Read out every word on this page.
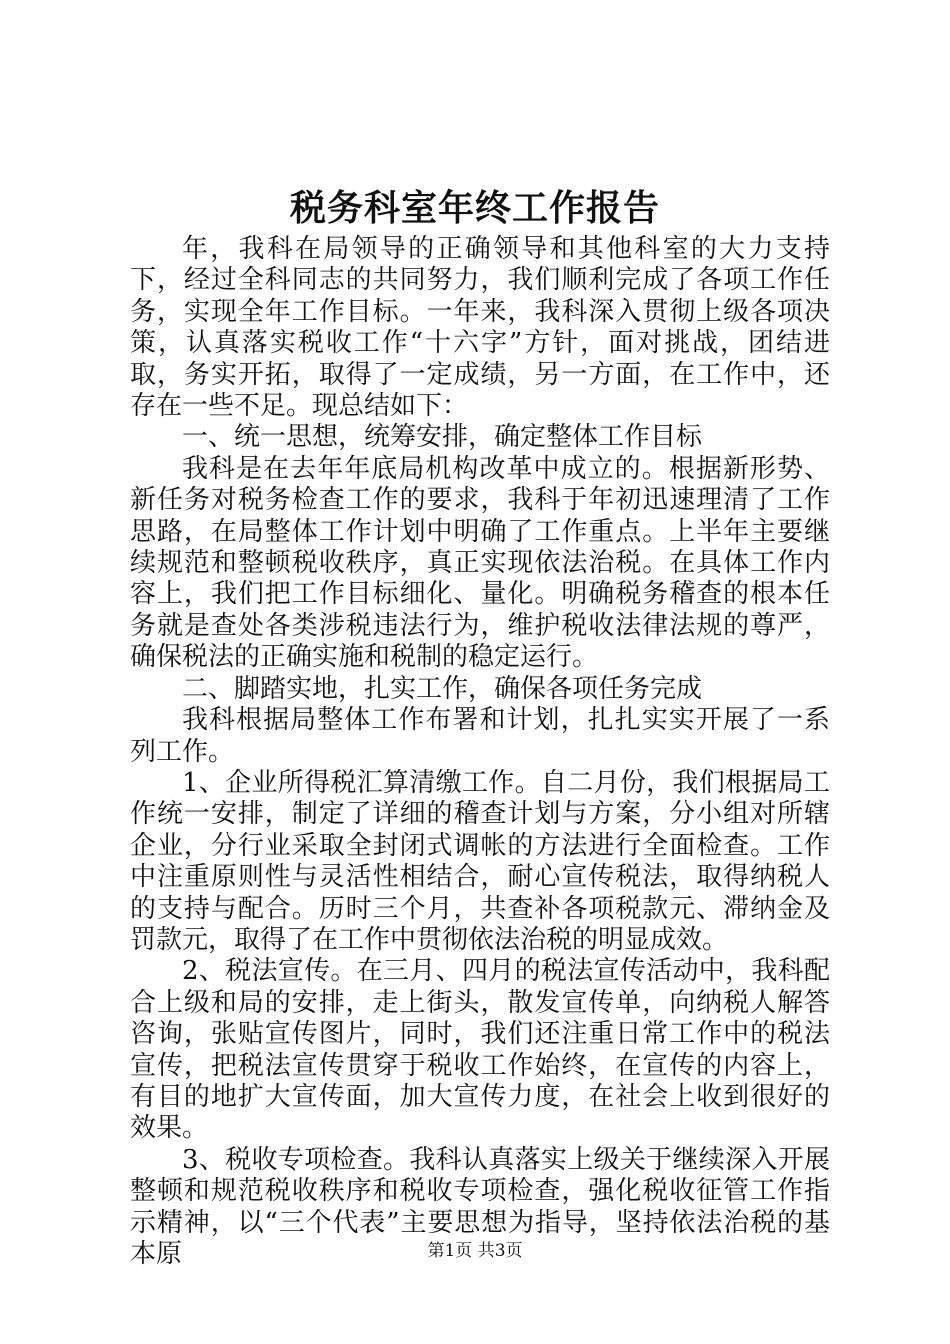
税务科室年终工作报告

年，我科在局领导的正确领导和其他科室的大力支持下，经过全科同志的共同努力，我们顺利完成了各项工作任务，实现全年工作目标。一年来，我科深入贯彻上级各项决策，认真落实税收工作“十六字”方针，面对挑战，团结进取，务实开拓，取得了一定成绩，另一方面，在工作中，还存在一些不足。现总结如下：

一、统一思想，统筹安排，确定整体工作目标

我科是在去年年底局机构改革中成立的。根据新形势、新任务对税务检查工作的要求，我科于年初迅速理清了工作思路，在局整体工作计划中明确了工作重点。上半年主要继续规范和整顿税收秩序，真正实现依法治税。在具体工作内容上，我们把工作目标细化、量化。明确税务稽查的根本任务就是查处各类涉税违法行为，维护税收法律法规的尊严，确保税法的正确实施和税制的稳定运行。

二、脚踏实地，扎实工作，确保各项任务完成

我科根据局整体工作布署和计划，扎扎实实开展了一系列工作。

1、企业所得税汇算清缴工作。自二月份，我们根据局工作统一安排，制定了详细的稽查计划与方案，分小组对所辖企业，分行业采取全封闭式调帐的方法进行全面检查。工作中注重原则性与灵活性相结合，耐心宣传税法，取得纳税人的支持与配合。历时三个月，共查补各项税款元、滞纳金及罚款元，取得了在工作中贯彻依法治税的明显成效。

2、税法宣传。在三月、四月的税法宣传活动中，我科配合上级和局的安排，走上街头，散发宣传单，向纳税人解答咨询，张贴宣传图片，同时，我们还注重日常工作中的税法宣传，把税法宣传贯穿于税收工作始终，在宣传的内容上，有目的地扩大宣传面，加大宣传力度，在社会上收到很好的效果。

3、税收专项检查。我科认真落实上级关于继续深入开展整顿和规范税收秩序和税收专项检查，强化税收征管工作指示精神，以“三个代表”主要思想为指导，坚持依法治税的基本原	第1页 共3页
